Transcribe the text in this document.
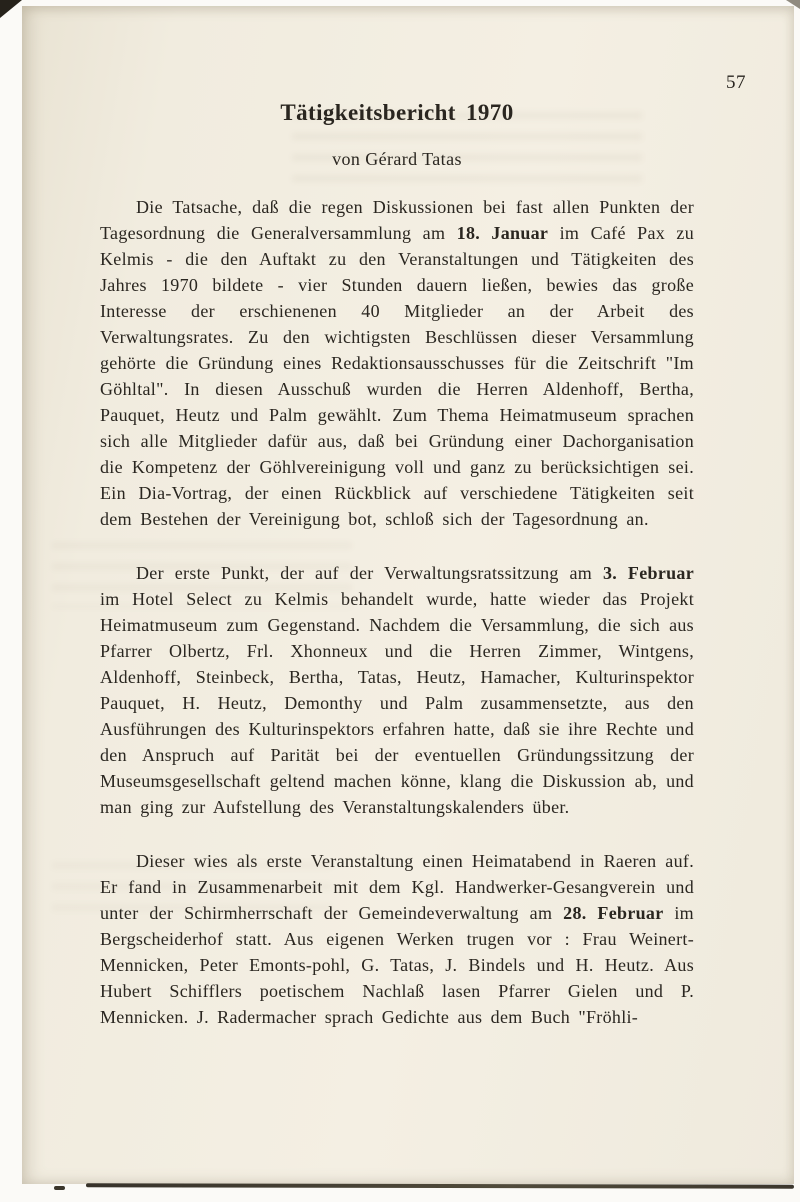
57
Tätigkeitsbericht 1970
von Gérard Tatas

Die Tatsache, daß die regen Diskussionen bei fast allen Punkten der Tagesordnung die Generalversammlung am 18. Januar im Café Pax zu Kelmis - die den Auftakt zu den Veranstaltungen und Tätigkeiten des Jahres 1970 bildete - vier Stunden dauern ließen, bewies das große Interesse der erschienenen 40 Mitglieder an der Arbeit des Verwaltungsrates. Zu den wichtigsten Beschlüssen dieser Versammlung gehörte die Gründung eines Redaktionsausschusses für die Zeitschrift "Im Göhltal". In diesen Ausschuß wurden die Herren Aldenhoff, Bertha, Pauquet, Heutz und Palm gewählt. Zum Thema Heimatmuseum sprachen sich alle Mitglieder dafür aus, daß bei Gründung einer Dachorganisation die Kompetenz der Göhlvereinigung voll und ganz zu berücksichtigen sei. Ein Dia-Vortrag, der einen Rückblick auf verschiedene Tätigkeiten seit dem Bestehen der Vereinigung bot, schloß sich der Tagesordnung an.

Der erste Punkt, der auf der Verwaltungsratssitzung am 3. Februar im Hotel Select zu Kelmis behandelt wurde, hatte wieder das Projekt Heimatmuseum zum Gegenstand. Nachdem die Versammlung, die sich aus Pfarrer Olbertz, Frl. Xhonneux und die Herren Zimmer, Wintgens, Aldenhoff, Steinbeck, Bertha, Tatas, Heutz, Hamacher, Kulturinspektor Pauquet, H. Heutz, Demonthy und Palm zusammensetzte, aus den Ausführungen des Kulturinspektors erfahren hatte, daß sie ihre Rechte und den Anspruch auf Parität bei der eventuellen Gründungssitzung der Museumsgesellschaft geltend machen könne, klang die Diskussion ab, und man ging zur Aufstellung des Veranstaltungskalenders über.

Dieser wies als erste Veranstaltung einen Heimatabend in Raeren auf. Er fand in Zusammenarbeit mit dem Kgl. Handwerker-Gesangverein und unter der Schirmherrschaft der Gemeindeverwaltung am 28. Februar im Bergscheiderhof statt. Aus eigenen Werken trugen vor : Frau Weinert-Mennicken, Peter Emonts-pohl, G. Tatas, J. Bindels und H. Heutz. Aus Hubert Schifflers poetischem Nachlaß lasen Pfarrer Gielen und P. Mennicken. J. Radermacher sprach Gedichte aus dem Buch "Fröhli-
